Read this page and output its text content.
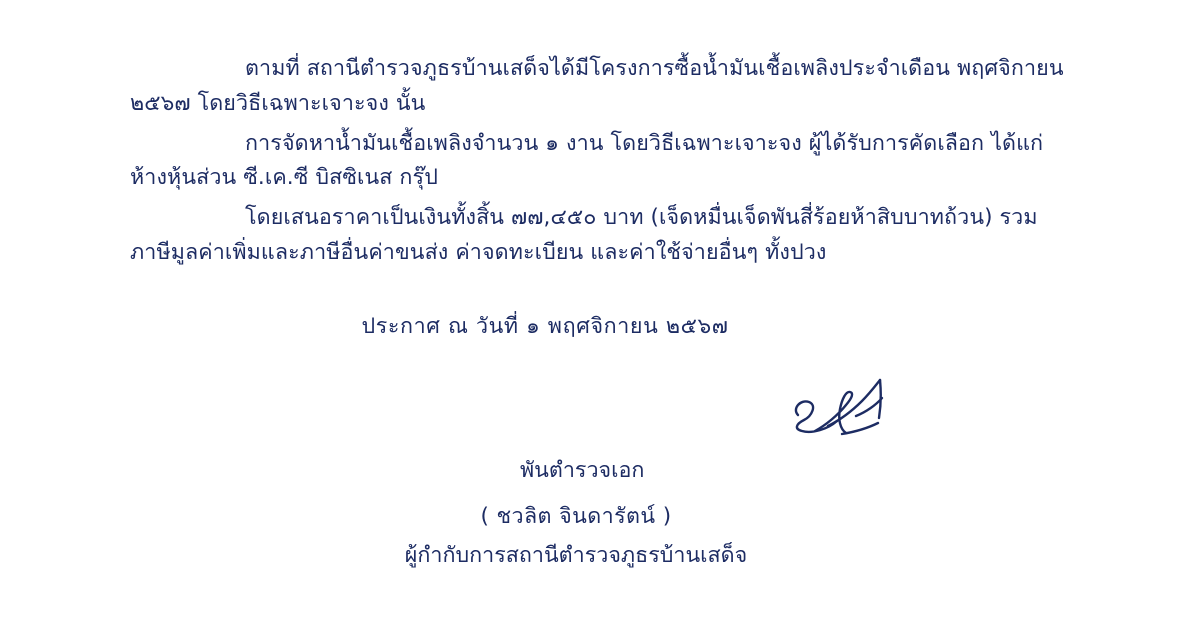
ตามที่ สถานีตำรวจภูธรบ้านเสด็จได้มีโครงการซื้อน้ำมันเชื้อเพลิงประจำเดือน พฤศจิกายน ๒๕๖๗ โดยวิธีเฉพาะเจาะจง นั้น

การจัดหาน้ำมันเชื้อเพลิงจำนวน ๑ งาน โดยวิธีเฉพาะเจาะจง ผู้ได้รับการคัดเลือก ได้แก่ ห้างหุ้นส่วน ซี.เค.ซี บิสซิเนส กรุ๊ป

โดยเสนอราคาเป็นเงินทั้งสิ้น ๗๗,๔๕๐ บาท (เจ็ดหมื่นเจ็ดพันสี่ร้อยห้าสิบบาทถ้วน) รวมภาษีมูลค่าเพิ่มและภาษีอื่นค่าขนส่ง ค่าจดทะเบียน และค่าใช้จ่ายอื่นๆ ทั้งปวง

ประกาศ ณ วันที่ ๑ พฤศจิกายน ๒๕๖๗
พันตำรวจเอก
( ชวลิต จินดารัตน์ )
ผู้กำกับการสถานีตำรวจภูธรบ้านเสด็จ
